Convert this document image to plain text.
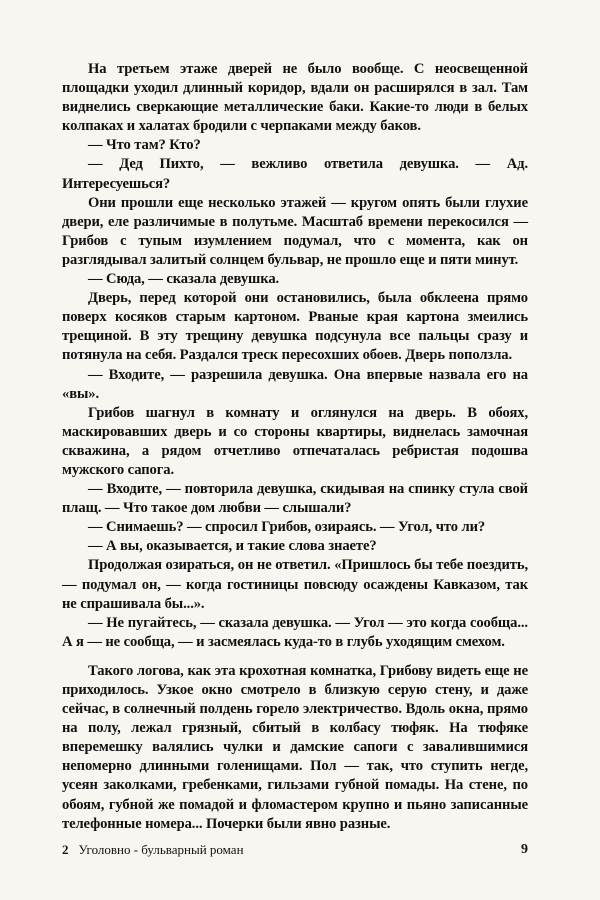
На третьем этаже дверей не было вообще. С неосвещенной площадки уходил длинный коридор, вдали он расширялся в зал. Там виднелись сверкающие металлические баки. Какие-то люди в белых колпаках и халатах бродили с черпаками между баков.

— Что там? Кто?

— Дед Пихто, — вежливо ответила девушка. — Ад. Интересуешься?

Они прошли еще несколько этажей — кругом опять были глухие двери, еле различимые в полутьме. Масштаб времени перекосился — Грибов с тупым изумлением подумал, что с момента, как он разглядывал залитый солнцем бульвар, не прошло еще и пяти минут.

— Сюда, — сказала девушка.

Дверь, перед которой они остановились, была обклеена прямо поверх косяков старым картоном. Рваные края картона змеились трещиной. В эту трещину девушка подсунула все пальцы сразу и потянула на себя. Раздался треск пересохших обоев. Дверь поползла.

— Входите, — разрешила девушка. Она впервые назвала его на «вы».

Грибов шагнул в комнату и оглянулся на дверь. В обоях, маскировавших дверь и со стороны квартиры, виднелась замочная скважина, а рядом отчетливо отпечаталась ребристая подошва мужского сапога.

— Входите, — повторила девушка, скидывая на спинку стула свой плащ. — Что такое дом любви — слышали?

— Снимаешь? — спросил Грибов, озираясь. — Угол, что ли?

— А вы, оказывается, и такие слова знаете?

Продолжая озираться, он не ответил. «Пришлось бы тебе поездить, — подумал он, — когда гостиницы повсюду осаждены Кавказом, так не спрашивала бы...».

— Не пугайтесь, — сказала девушка. — Угол — это когда сообща... А я — не сообща, — и засмеялась куда-то в глубь уходящим смехом.

Такого логова, как эта крохотная комнатка, Грибову видеть еще не приходилось. Узкое окно смотрело в близкую серую стену, и даже сейчас, в солнечный полдень горело электричество. Вдоль окна, прямо на полу, лежал грязный, сбитый в колбасу тюфяк. На тюфяке вперемешку валялись чулки и дамские сапоги с завалившимися непомерно длинными голенищами. Пол — так, что ступить негде, усеян заколками, гребенками, гильзами губной помады. На стене, по обоям, губной же помадой и фломастером крупно и пьяно записанные телефонные номера... Почерки были явно разные.

2 Уголовно - бульварный роман	9
